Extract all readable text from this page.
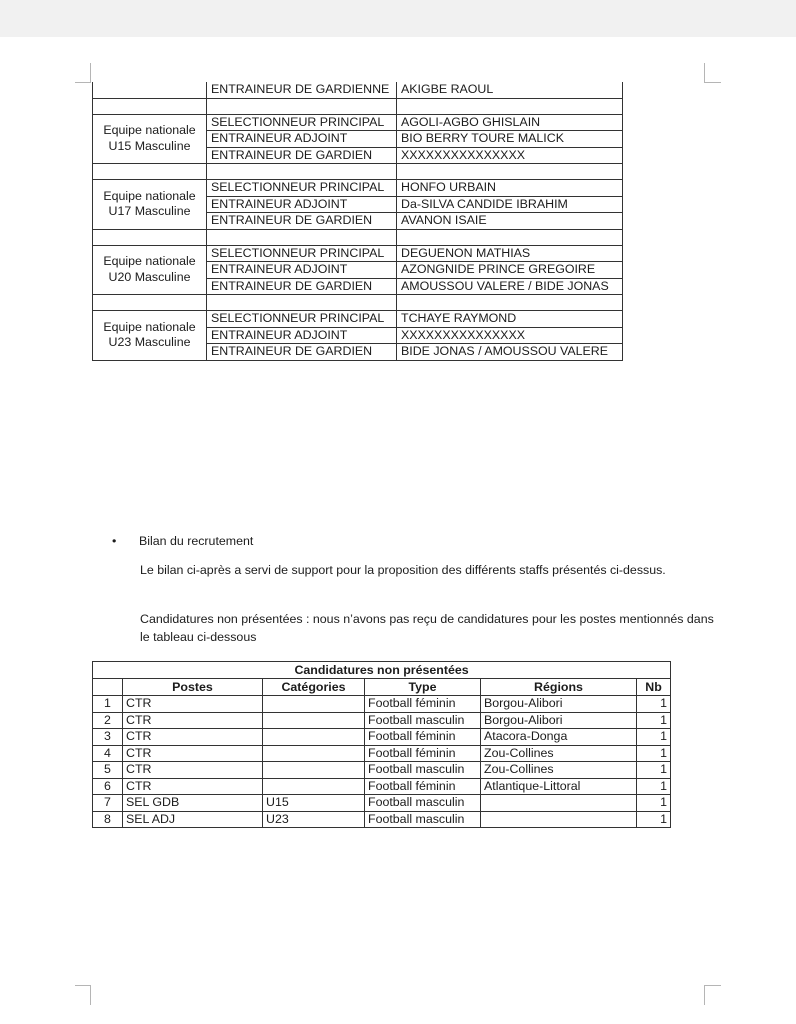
	ENTRAINEUR DE GARDIENNE	AKIGBE RAOUL

Equipe nationale U15 Masculine	SELECTIONNEUR PRINCIPAL	AGOLI-AGBO GHISLAIN
	ENTRAINEUR ADJOINT	BIO BERRY TOURE MALICK
	ENTRAINEUR DE GARDIEN	XXXXXXXXXXXXXXX

Equipe nationale U17 Masculine	SELECTIONNEUR PRINCIPAL	HONFO URBAIN
	ENTRAINEUR ADJOINT	Da-SILVA CANDIDE IBRAHIM
	ENTRAINEUR DE GARDIEN	AVANON ISAIE

Equipe nationale U20 Masculine	SELECTIONNEUR PRINCIPAL	DEGUENON MATHIAS
	ENTRAINEUR ADJOINT	AZONGNIDE PRINCE GREGOIRE
	ENTRAINEUR DE GARDIEN	AMOUSSOU VALERE / BIDE JONAS

Equipe nationale U23 Masculine	SELECTIONNEUR PRINCIPAL	TCHAYE RAYMOND
	ENTRAINEUR ADJOINT	XXXXXXXXXXXXXXX
	ENTRAINEUR DE GARDIEN	BIDE JONAS / AMOUSSOU VALERE
• Bilan du recrutement

Le bilan ci-après a servi de support pour la proposition des différents staffs présentés ci-dessus.

Candidatures non présentées : nous n’avons pas reçu de candidatures pour les postes mentionnés dans le tableau ci-dessous

Candidatures non présentées					
	Postes	Catégories	Type	Régions	Nb
1	CTR		Football féminin	Borgou-Alibori	1
2	CTR		Football masculin	Borgou-Alibori	1
3	CTR		Football féminin	Atacora-Donga	1
4	CTR		Football féminin	Zou-Collines	1
5	CTR		Football masculin	Zou-Collines	1
6	CTR		Football féminin	Atlantique-Littoral	1
7	SEL GDB	U15	Football masculin		1
8	SEL ADJ	U23	Football masculin		1
